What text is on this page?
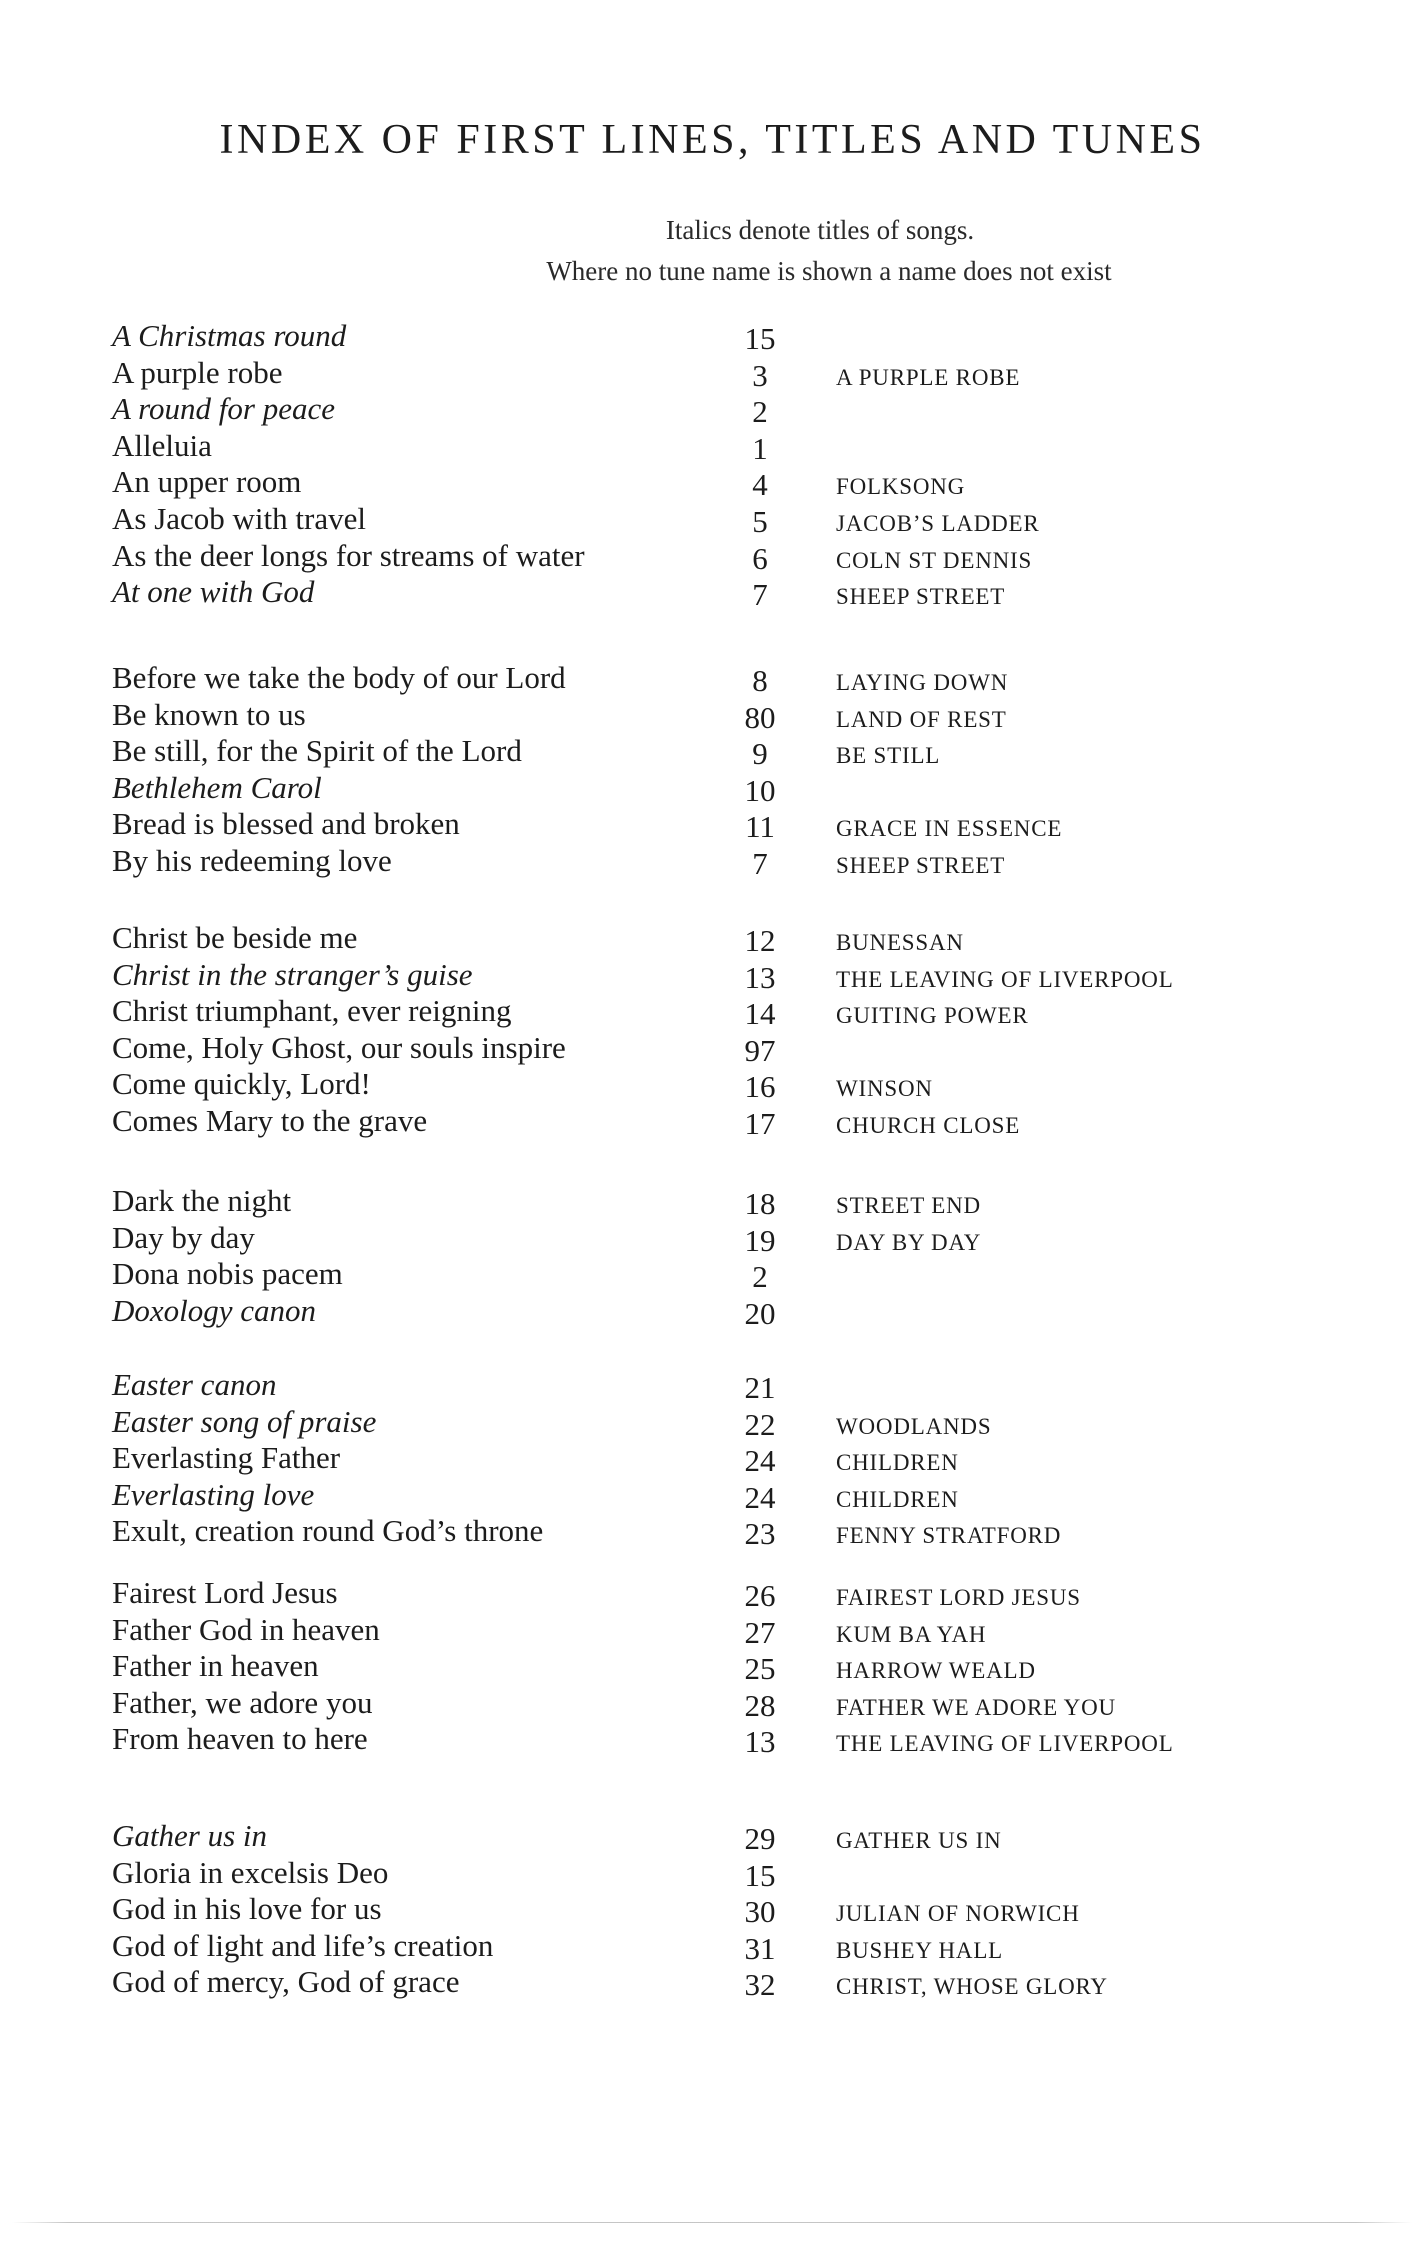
INDEX OF FIRST LINES, TITLES AND TUNES
Italics denote titles of songs.
Where no tune name is shown a name does not exist
A Christmas round	15
A purple robe	3	A PURPLE ROBE
A round for peace	2
Alleluia	1
An upper room	4	FOLKSONG
As Jacob with travel	5	JACOB’S LADDER
As the deer longs for streams of water	6	COLN ST DENNIS
At one with God	7	SHEEP STREET
Before we take the body of our Lord	8	LAYING DOWN
Be known to us	80	LAND OF REST
Be still, for the Spirit of the Lord	9	BE STILL
Bethlehem Carol	10
Bread is blessed and broken	11	GRACE IN ESSENCE
By his redeeming love	7	SHEEP STREET
Christ be beside me	12	BUNESSAN
Christ in the stranger’s guise	13	THE LEAVING OF LIVERPOOL
Christ triumphant, ever reigning	14	GUITING POWER
Come, Holy Ghost, our souls inspire	97
Come quickly, Lord!	16	WINSON
Comes Mary to the grave	17	CHURCH CLOSE
Dark the night	18	STREET END
Day by day	19	DAY BY DAY
Dona nobis pacem	2
Doxology canon	20
Easter canon	21
Easter song of praise	22	WOODLANDS
Everlasting Father	24	CHILDREN
Everlasting love	24	CHILDREN
Exult, creation round God’s throne	23	FENNY STRATFORD
Fairest Lord Jesus	26	FAIREST LORD JESUS
Father God in heaven	27	KUM BA YAH
Father in heaven	25	HARROW WEALD
Father, we adore you	28	FATHER WE ADORE YOU
From heaven to here	13	THE LEAVING OF LIVERPOOL
Gather us in	29	GATHER US IN
Gloria in excelsis Deo	15
God in his love for us	30	JULIAN OF NORWICH
God of light and life’s creation	31	BUSHEY HALL
God of mercy, God of grace	32	CHRIST, WHOSE GLORY
